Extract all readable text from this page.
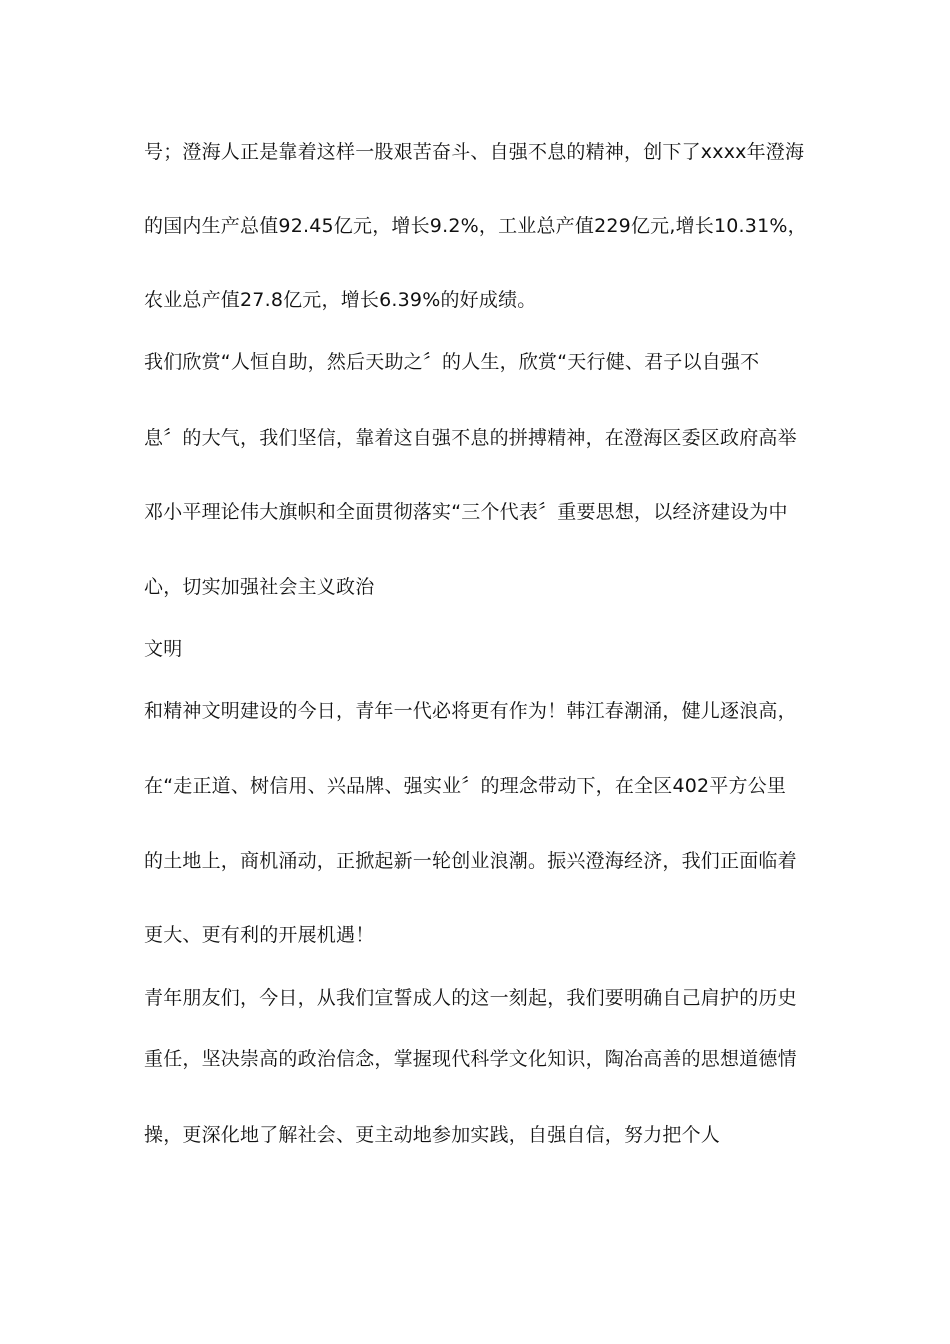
号；澄海人正是靠着这样一股艰苦奋斗、自强不息的精神，创下了xxxx年澄海
的国内生产总值92.45亿元，增长9.2%，工业总产值229亿元,增长10.31%，
农业总产值27.8亿元，增长6.39%的好成绩。
我们欣赏“人恒自助，然后天助之〞的人生，欣赏“天行健、君子以自强不
息〞的大气，我们坚信，靠着这自强不息的拼搏精神，在澄海区委区政府高举
邓小平理论伟大旗帜和全面贯彻落实“三个代表〞重要思想，以经济建设为中
心，切实加强社会主义政治
文明
和精神文明建设的今日，青年一代必将更有作为！韩江春潮涌，健儿逐浪高，
在“走正道、树信用、兴品牌、强实业〞的理念带动下，在全区402平方公里
的土地上，商机涌动，正掀起新一轮创业浪潮。振兴澄海经济，我们正面临着
更大、更有利的开展机遇！
青年朋友们，今日，从我们宣誓成人的这一刻起，我们要明确自己肩护的历史
重任，坚决崇高的政治信念，掌握现代科学文化知识，陶冶高善的思想道德情
操，更深化地了解社会、更主动地参加实践，自强自信，努力把个人
